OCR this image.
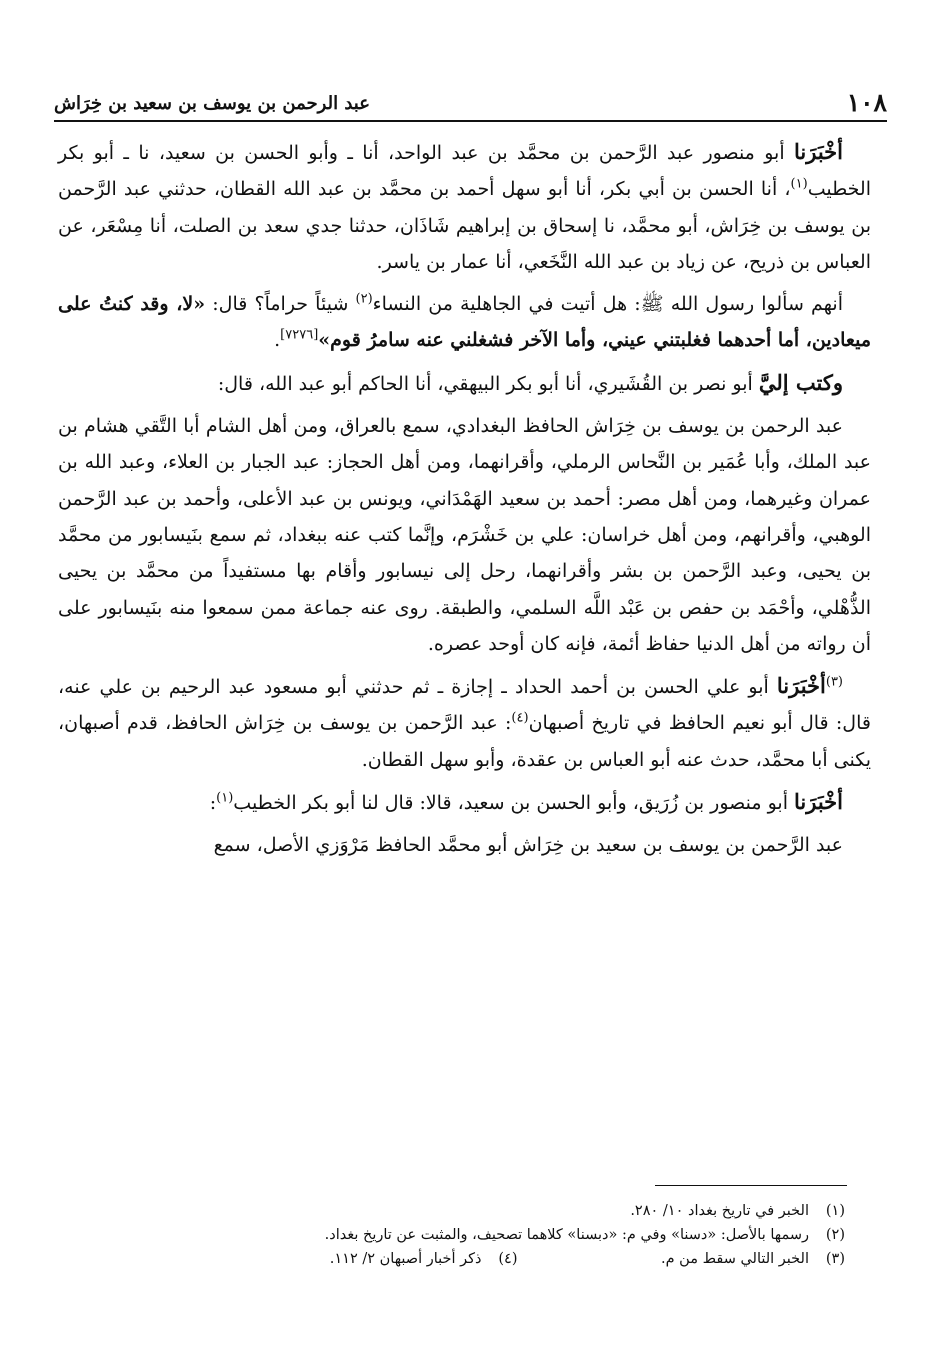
١٠٨
عبد الرحمن بن يوسف بن سعيد بن خِرَاش

أخْبَرَنا أبو منصور عبد الرَّحمن بن محمَّد بن عبد الواحد، أنا ـ وأبو الحسن بن سعيد، نا ـ أبو بكر الخطيب$^{(١)}$، أنا الحسن بن أبي بكر، أنا أبو سهل أحمد بن محمَّد بن عبد الله القطان، حدثني عبد الرَّحمن بن يوسف بن خِرَاش، أبو محمَّد، نا إسحاق بن إبراهيم شَاذَان، حدثنا جدي سعد بن الصلت، أنا مِسْعَر، عن العباس بن ذريح، عن زياد بن عبد الله النَّخَعي، أنا عمار بن ياسر.

أنهم سألوا رسول الله ﷺ: هل أتيت في الجاهلية من النساء$^{(٢)}$ شيئاً حراماً؟ قال: «لا، وقد كنتُ على ميعادين، أما أحدهما فغلبتني عيني، وأما الآخر فشغلني عنه سامرُ قوم»[٧٢٧٦].

وكتب إليَّ أبو نصر بن القُشَيري، أنا أبو بكر البيهقي، أنا الحاكم أبو عبد الله، قال:

عبد الرحمن بن يوسف بن خِرَاش الحافظ البغدادي، سمع بالعراق، ومن أهل الشام أبا التَّقي هشام بن عبد الملك، وأبا عُمَير بن النَّحاس الرملي، وأقرانهما، ومن أهل الحجاز: عبد الجبار بن العلاء، وعبد الله بن عمران وغيرهما، ومن أهل مصر: أحمد بن سعيد الهَمْدَاني، ويونس بن عبد الأعلى، وأحمد بن عبد الرَّحمن الوهبي، وأقرانهم، ومن أهل خراسان: علي بن خَشْرَم، وإنَّما كتب عنه ببغداد، ثم سمع بنَيسابور من محمَّد بن يحيى، وعبد الرَّحمن بن بشر وأقرانهما، رحل إلى نيسابور وأقام بها مستفيداً من محمَّد بن يحيى الذُّهْلي، وأحْمَد بن حفص بن عَبْد اللَّه السلمي، والطبقة. روى عنه جماعة ممن سمعوا منه بنَيسابور على أن رواته من أهل الدنيا حفاظ أئمة، فإنه كان أوحد عصره.

$^{(٣)}$أخْبَرَنا أبو علي الحسن بن أحمد الحداد ـ إجازة ـ ثم حدثني أبو مسعود عبد الرحيم بن علي عنه، قال: قال أبو نعيم الحافظ في تاريخ أصبهان$^{(٤)}$: عبد الرَّحمن بن يوسف بن خِرَاش الحافظ، قدم أصبهان، يكنى أبا محمَّد، حدث عنه أبو العباس بن عقدة، وأبو سهل القطان.

أخْبَرَنا أبو منصور بن زُرَيق، وأبو الحسن بن سعيد، قالا: قال لنا أبو بكر الخطيب$^{(١)}$:

عبد الرَّحمن بن يوسف بن سعيد بن خِرَاش أبو محمَّد الحافظ مَرْوَزي الأصل، سمع

(١)
الخبر في تاريخ بغداد ١٠/ ٢٨٠.
(٢)
رسمها بالأصل: «دسنا» وفي م: «دبسنا» كلاهما تصحيف، والمثبت عن تاريخ بغداد.
(٣)
الخبر التالي سقط من م.
(٤)
ذكر أخبار أصبهان ٢/ ١١٢.
